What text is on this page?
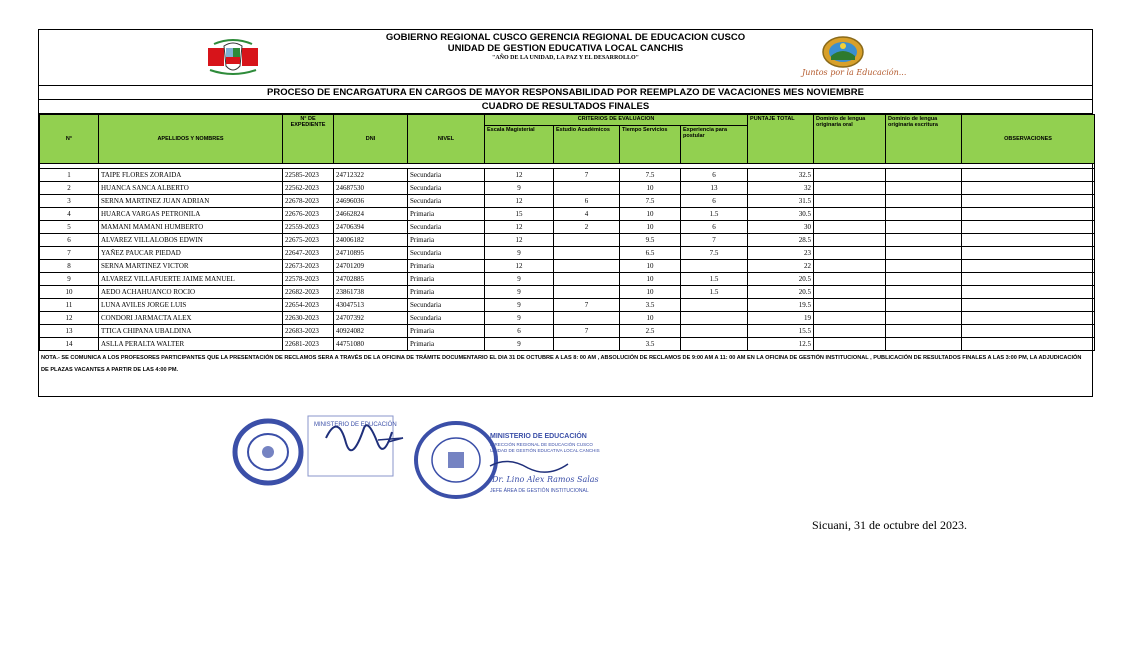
GOBIERNO REGIONAL CUSCO GERENCIA REGIONAL DE EDUCACION CUSCO
UNIDAD DE GESTION EDUCATIVA LOCAL CANCHIS
"AÑO DE LA UNIDAD, LA PAZ Y EL DESARROLLO"
Juntos por la Educación...
PROCESO DE ENCARGATURA EN CARGOS DE MAYOR RESPONSABILIDAD POR REEMPLAZO DE VACACIONES MES NOVIEMBRE
CUADRO DE RESULTADOS FINALES
N°	APELLIDOS Y NOMBRES	N° DE EXPEDIENTE	DNI	NIVEL	CRITERIOS DE EVALUACION				PUNTAJE TOTAL	Dominio de lengua originaria oral	Dominio de lengua originaria escritura	OBSERVACIONES
					Escala Magisterial	Estudio Académicos	Tiempo Servicios	Experiencia para postular				

1	TAIPE FLORES ZORAIDA	22585-2023	24712322	Secundaria	12	7	7.5	6	32.5			
2	HUANCA SANCA ALBERTO	22562-2023	24687530	Secundaria	9		10	13	32			
3	SERNA MARTINEZ JUAN ADRIAN	22678-2023	24696036	Secundaria	12	6	7.5	6	31.5			
4	HUARCA VARGAS PETRONILA	22676-2023	24662824	Primaria	15	4	10	1.5	30.5			
5	MAMANI MAMANI HUMBERTO	22559-2023	24706394	Secundaria	12	2	10	6	30			
6	ALVAREZ VILLALOBOS EDWIN	22675-2023	24006182	Primaria	12		9.5	7	28.5			
7	YAÑEZ PAUCAR PIEDAD	22647-2023	24710895	Secundaria	9		6.5	7.5	23			
8	SERNA MARTINEZ VICTOR	22673-2023	24701209	Primaria	12		10		22			
9	ALVAREZ VILLAFUERTE JAIME MANUEL	22578-2023	24702885	Primaria	9		10	1.5	20.5			
10	AEDO ACHAHUANCO ROCIO	22682-2023	23861738	Primaria	9		10	1.5	20.5			
11	LUNA AVILES JORGE LUIS	22654-2023	43047513	Secundaria	9	7	3.5		19.5			
12	CONDORI JARMACTA ALEX	22630-2023	24707392	Secundaria	9		10		19			
13	TTICA CHIPANA UBALDINA	22683-2023	40924082	Primaria	6	7	2.5		15.5			
14	ASLLA PERALTA WALTER	22681-2023	44751080	Primaria	9		3.5		12.5			
NOTA.- SE COMUNICA A LOS PROFESORES PARTICIPANTES QUE LA PRESENTACIÓN DE RECLAMOS SERA A TRAVÉS DE LA OFICINA DE TRÁMITE DOCUMENTARIO EL DIA 31 DE OCTUBRE A LAS 8: 00 AM , ABSOLUCIÓN DE RECLAMOS DE 9:00 AM A 11: 00 AM EN LA OFICINA DE GESTIÓN INSTITUCIONAL , PUBLICACIÓN DE RESULTADOS FINALES A LAS 3:00 PM, LA ADJUDICACIÓN DE PLAZAS VACANTES A PARTIR DE LAS 4:00 PM.
MINISTERIO DE EDUCACIÓN
MINISTERIO DE EDUCACIÓN
DIRECCIÓN REGIONAL DE EDUCACIÓN CUSCO
UNIDAD DE GESTIÓN EDUCATIVA LOCAL CANCHIS
Dr. Lino Alex Ramos Salas
JEFE ÁREA DE GESTIÓN INSTITUCIONAL
Sicuani, 31 de octubre del 2023.
